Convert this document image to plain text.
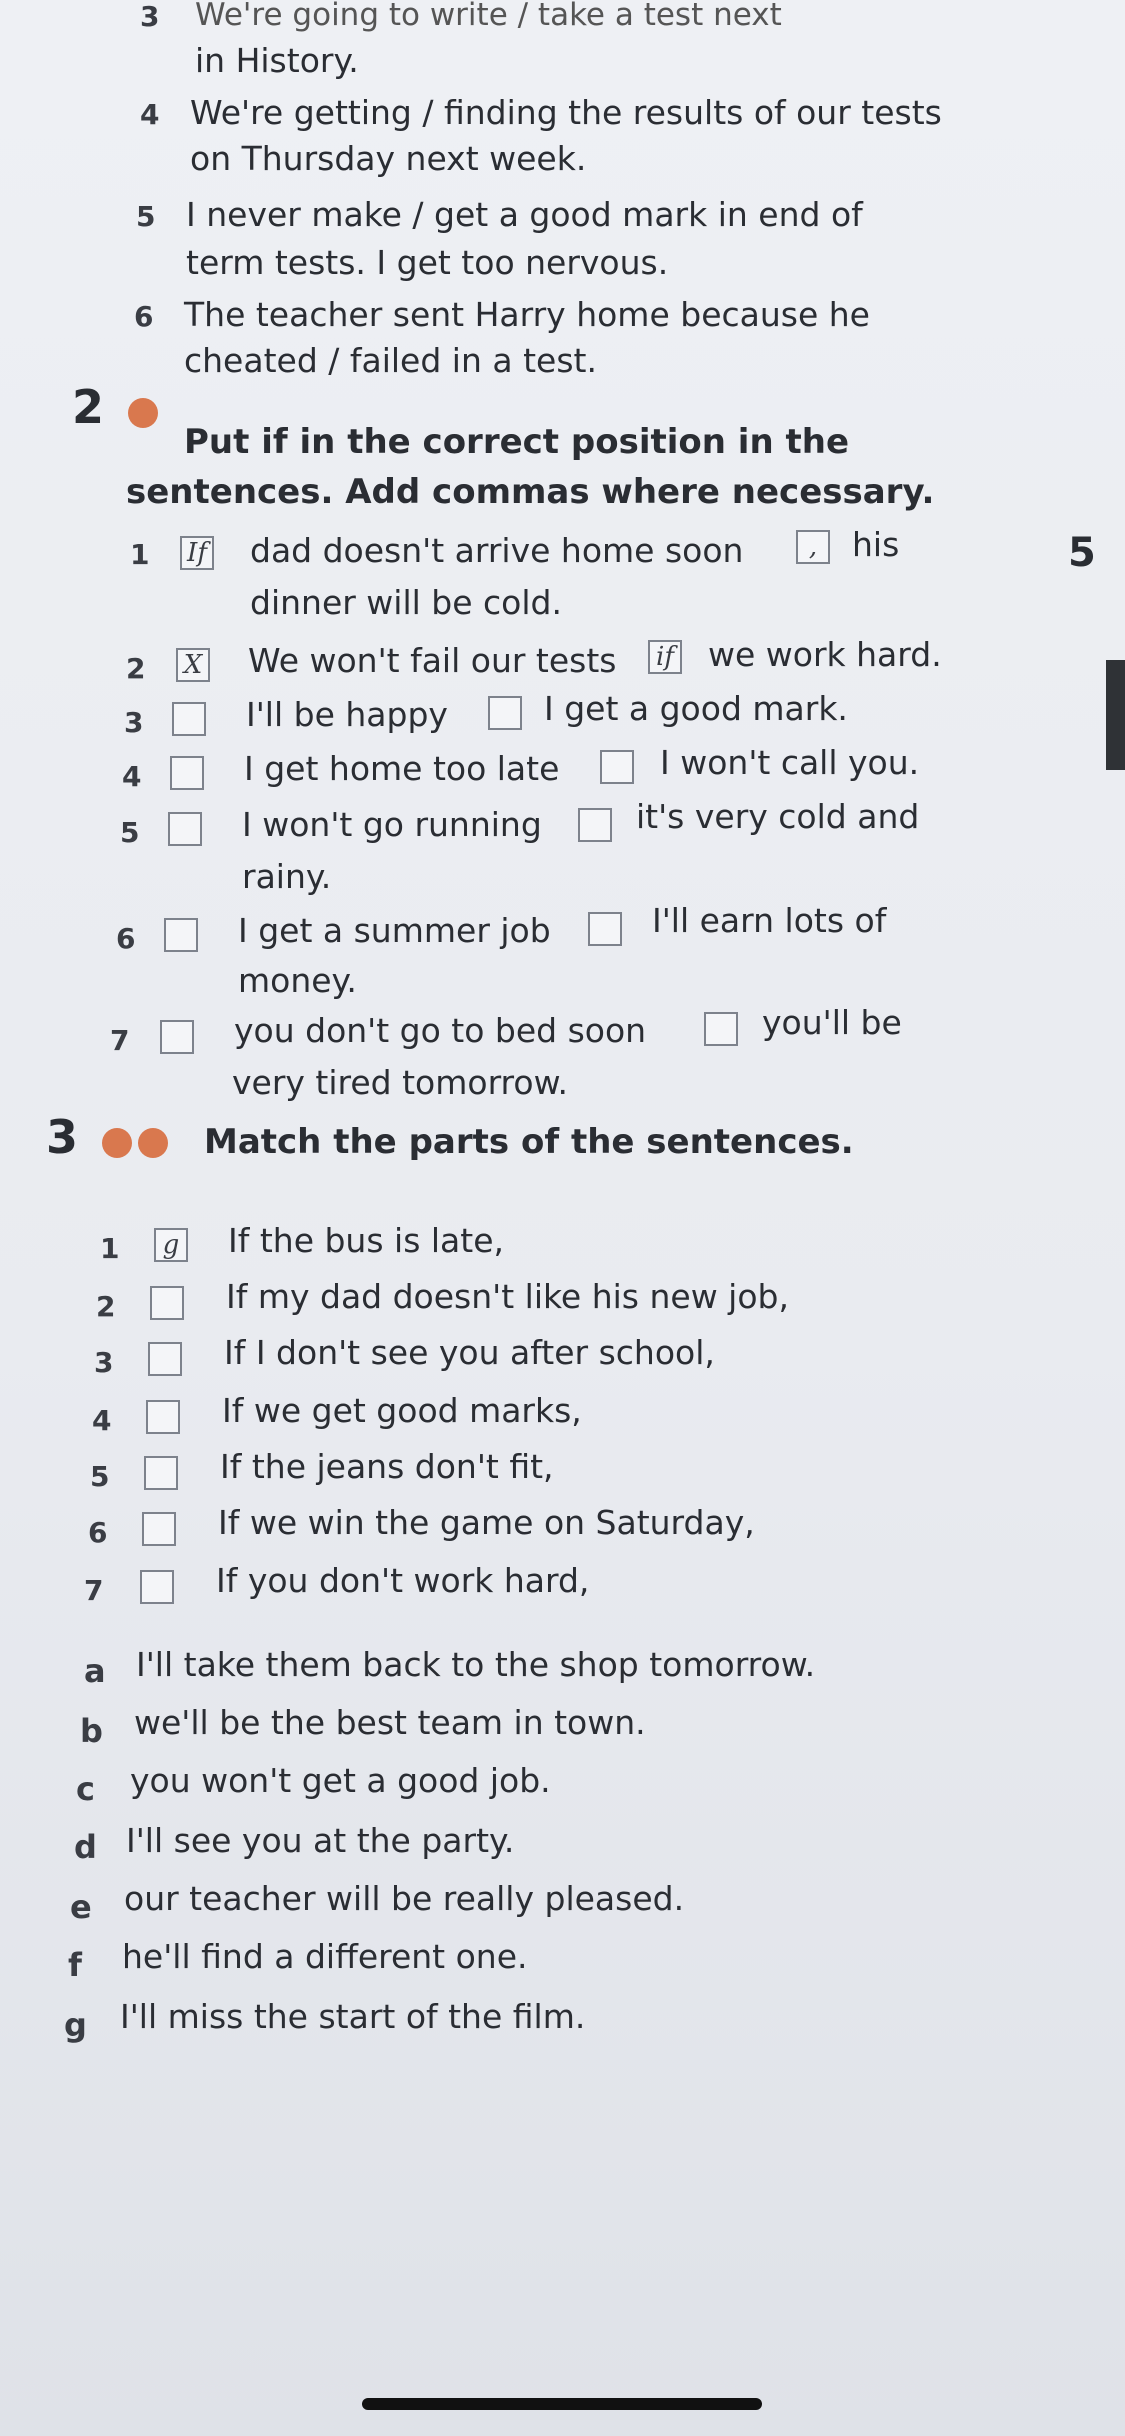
3 We're going to write / take a test next
in History.
4 We're getting / finding the results of our tests
on Thursday next week.
5 I never make / get a good mark in end of
term tests. I get too nervous.
6 The teacher sent Harry home because he
cheated / failed in a test.
2
Put if in the correct position in the
sentences. Add commas where necessary.
1 If dad doesn't arrive home soon	,	his
dinner will be cold.
2 X We won't fail our tests	if we work hard.
3	I'll be happy	I get a good mark.
4	I get home too late	I won't call you.
5	I won't go running	it's very cold and
rainy.
6	I get a summer job	I'll earn lots of
money.
7	you don't go to bed soon	you'll be
very tired tomorrow.
3	Match the parts of the sentences.
1	g If the bus is late,
2	If my dad doesn't like his new job,
3	If I don't see you after school,
4	If we get good marks,
5	If the jeans don't fit,
6	If we win the game on Saturday,
7	If you don't work hard,
a I'll take them back to the shop tomorrow.
b we'll be the best team in town.
c you won't get a good job.
d I'll see you at the party.
e our teacher will be really pleased.
f he'll find a different one.
g I'll miss the start of the film.
5
